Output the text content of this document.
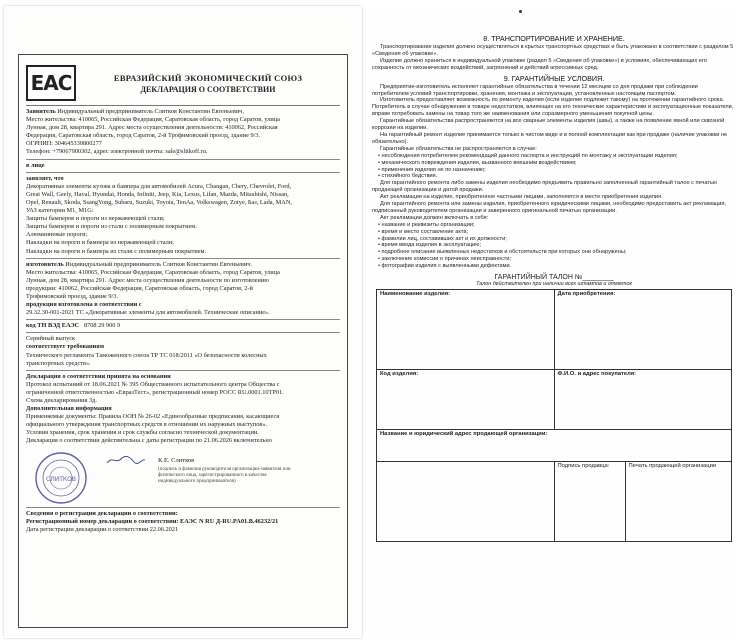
ЕАС	ЕВРАЗИЙСКИЙ ЭКОНОМИЧЕСКИЙ СОЮЗ
ДЕКЛАРАЦИЯ О СООТВЕТСТВИИ
Заявитель Индивидуальный предприниматель Слитков Константин Евгеньевич,
Место жительства: 410065, Российская Федерация, Саратовская область, город Саратов, улица
Лунная, дом 28, квартира 291. Адрес места осуществления деятельности: 410062, Российская
Федерация, Саратовская область, город Саратов, 2-й Трофимовский проезд, здание 9/3.
ОГРНИП: 304645330800277
Телефон: +79067900302, адрес электронной почты: sale@slitkoff.ru.
в лице
заявляет, что
Декоративные элементы кузова и бампера для автомобилей Acura, Changan, Chery, Chevrolet, Ford,
Great Wall, Geely, Haval, Hyundai, Honda, Infiniti, Jeep, Kia, Lexus, Lifan, Mazda, Mitsubishi, Nissan,
Opel, Renault, Skoda, SsangYong, Subaru, Suzuki, Toyota, TenAa, Volkswagen, Zotye, Баз, Lada, МАN,
УАЗ категории M1, M1G:
Защиты бамперов и пороги из нержавеющей стали;
Защиты бамперов и пороги из стали с полимерным покрытием.
Алюминиевые пороги;
Накладки на пороги и бампера из нержавеющей стали;
Накладки на пороги и бампера из стали с полимерным покрытием.
изготовитель Индивидуальный предприниматель Слитков Константин Евгеньевич.
Место жительства: 410065, Российская Федерация, Саратовская область, город Саратов, улица
Лунная, дом 28, квартира 291. Адрес места осуществления деятельности по изготовлению
продукции: 410062, Российская Федерация, Саратовская область, город Саратов, 2-й
Трофимовский проезд, здание 9/3.
продукция изготовлена в соответствии с
29.32.30-001-2021 ТС «Декоративные элементы для автомобилей. Технические описание».
код ТН ВЭД ЕАЭС 8708 29 900 9
Серийный выпуск
соответствует требованиям
Технического регламента Таможенного союза ТР ТС 018/2011 «О безопасности колесных
транспортных средств».
Декларация о соответствии принята на основании
Протокол испытаний от 18.06.2021 № 395 Обществанного испытательного центра Общества с
ограниченной ответственностью «ЕвразТест», регистрационный номер РОСС RU.0001.10ТР01.
Схема декларирования 3д.
Дополнительная информация
Применяемые документы: Правила ООН № 26-02 «Единообразные предписания, касающиеся
официального утверждения транспортных средств в отношении их наружных выступов».
Условия хранения, срок хранения и срок службы согласно технической документации.
Декларация о соответствии действительна с даты регистрации по 21.06.2026 включительно
СЛИТКОВ
К.Е. Слитков
(подпись и фамилия руководителя организации-заявителя или
физического лица, зарегистрированного в качестве
индивидуального предпринимателя)
Сведения о регистрации декларации о соответствии:
Регистрационный номер декларации о соответствии: ЕАЭС N RU Д-RU.PA01.B.46232/21
Дата регистрации декларации о соответствии 22.06.2021
8. ТРАНСПОРТИРОВАНИЕ И ХРАНЕНИЕ.

Транспортирование изделия должно осуществляться в крытых транспортных средствах и быть упаковано в соответствии с разделом 5 «Сведения об упаковке».

Изделие должно храниться в индивидуальной упаковке (раздел 5 «Сведения об упаковке») в условиях, обеспечивающих его сохранность от механических воздействий, загрязнений и действий агрессивных сред.

9. ГАРАНТИЙНЫЕ УСЛОВИЯ.

Предприятие-изготовитель исполняет гарантийные обязательства в течении 12 месяцев со дня продажи при соблюдении потребителем условий транспортировки, хранения, монтажа и эксплуатации, установленных настоящим паспортом.

Изготовитель предоставляет возможность по ремонту изделия (если изделие подлежит такому) на протяжении гарантийного срока. Потребитель в случае обнаружения в товаре недостатков, влияющих на его технические характеристики и эксплуатационные показатели, вправе потребовать замены на товар того же наименования или соразмерного уменьшения покупной цены.

Гарантийные обязательства распространяются на все сварные элементы изделия (швы), а также на появление явной или сквозной коррозии на изделии.

На гарантийный ремонт изделие принимается только в чистом виде и в полной комплектации как при продаже (наличие упаковки не обязательно).

Гарантийные обязательства не распространяются в случае:

• несоблюдения потребителем рекомендаций данного паспорта и инструкций по монтажу и эксплуатации изделия;
• механического повреждения изделия, вызванного внешним воздействием;
• применения изделия не по назначению;
• стихийного бедствия.

Для гарантийного ремонта либо замены изделия необходимо предъявить правильно заполненный гарантийный талон с печатью продающей организации и датой продажи.

Акт рекламации на изделие, приобретенное частными лицами, заполняется в месте приобретения изделия.

Для гарантийного ремонта или замены изделия, приобретенного юридическими лицами, необходимо предоставить акт рекламации, подписанный руководителем организации и заверенного оригинальной печатью организации.

Акт рекламации должен включать в себя:

• название и реквизиты организации;
• время и место составление акта;
• фамилии лиц, составивших акт и их должности;
• время ввода изделия в эксплуатацию;
• подробное описание выявленных недостатков и обстоятельств при которых они обнаружены;
• заключение комиссии о причинах неисправности;
• фотографии изделия с выявленными дефектами.
ГАРАНТИЙНЫЙ ТАЛОН №________
Талон действителен при наличии всех штампов и отметок
Наименование изделия:	Дата приобретения:	
Код изделия:	Ф.И.О. и адрес покупателя:	
Название и юридический адрес продающей организации:		
	Подпись продавца:	Печать продающей организации
